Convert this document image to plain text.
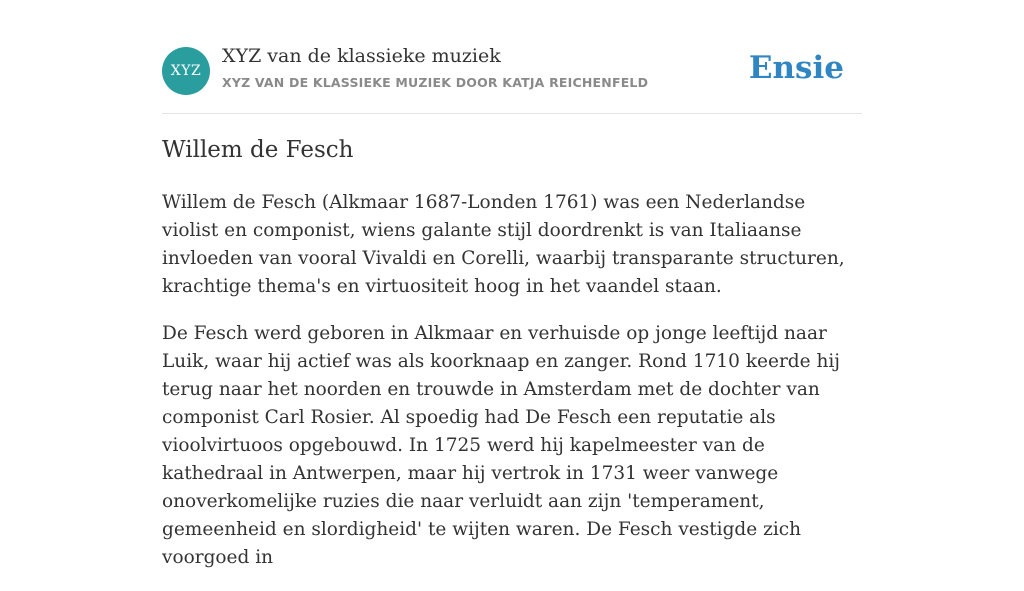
XYZ
XYZ van de klassieke muziek
XYZ VAN DE KLASSIEKE MUZIEK DOOR KATJA REICHENFELD	Ensie
Willem de Fesch

Willem de Fesch (Alkmaar 1687-Londen 1761) was een Nederlandse violist en componist, wiens galante stijl doordrenkt is van Italiaanse invloeden van vooral Vivaldi en Corelli, waarbij transparante structuren, krachtige thema's en virtuositeit hoog in het vaandel staan.

De Fesch werd geboren in Alkmaar en verhuisde op jonge leeftijd naar Luik, waar hij actief was als koorknaap en zanger. Rond 1710 keerde hij terug naar het noorden en trouwde in Amsterdam met de dochter van componist Carl Rosier. Al spoedig had De Fesch een reputatie als vioolvirtuoos opgebouwd. In 1725 werd hij kapelmeester van de kathedraal in Antwerpen, maar hij vertrok in 1731 weer vanwege onoverkomelijke ruzies die naar verluidt aan zijn 'temperament, gemeenheid en slordigheid' te wijten waren. De Fesch vestigde zich voorgoed in
